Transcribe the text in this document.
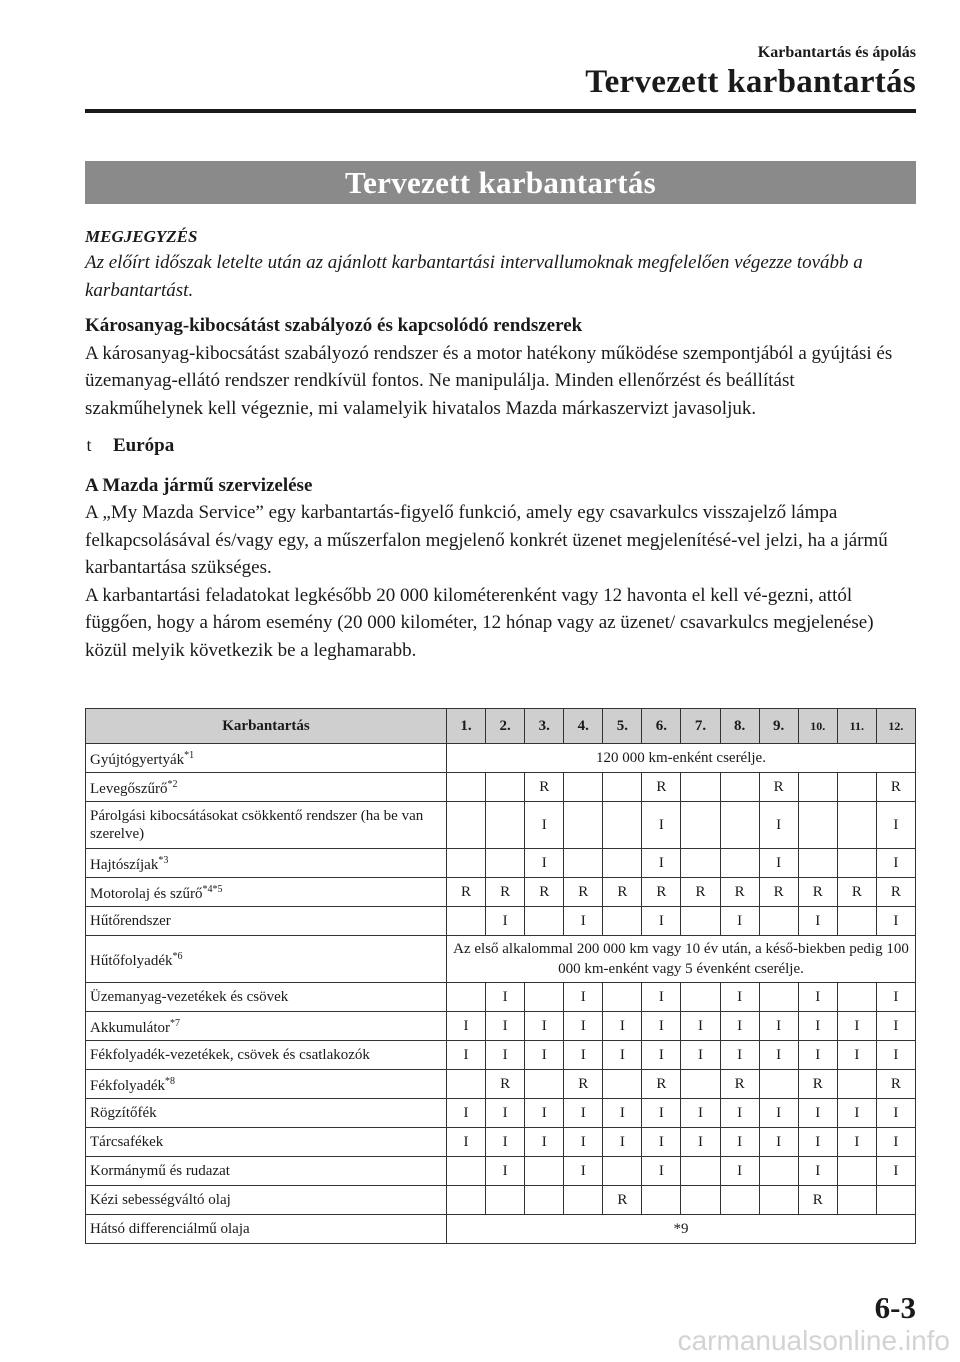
Karbantartás és ápolás
Tervezett karbantartás
Tervezett karbantartás
MEGJEGYZÉS
Az előírt időszak letelte után az ajánlott karbantartási intervallumoknak megfelelően végezze tovább a karbantartást.
Károsanyag-kibocsátást szabályozó és kapcsolódó rendszerek

A károsanyag-kibocsátást szabályozó rendszer és a motor hatékony működése szempontjából a gyújtási és üzemanyag-ellátó rendszer rendkívül fontos. Ne manipulálja. Minden ellenőrzést és beállítást szakműhelynek kell végeznie, mi valamelyik hivatalos Mazda márkaszervizt javasoljuk.

t	Európa
A Mazda jármű szervizelése

A „My Mazda Service” egy karbantartás-figyelő funkció, amely egy csavarkulcs visszajelző lámpa felkapcsolásával és/vagy egy, a műszerfalon megjelenő konkrét üzenet megjelenítésé-vel jelzi, ha a jármű karbantartása szükséges.

A karbantartási feladatokat legkésőbb 20 000 kilométerenként vagy 12 havonta el kell vé-gezni, attól függően, hogy a három esemény (20 000 kilométer, 12 hónap vagy az üzenet/ csavarkulcs megjelenése) közül melyik következik be a leghamarabb.

Karbantartás	1.	2.	3.	4.	5.	6.	7.	8.	9.	10.	11.	12.
Gyújtógyertyák$^{*1}$	120 000 km-enként cserélje.											
Levegőszűrő$^{*2}$			R			R			R			R
Párolgási kibocsátásokat csökkentő rendszer (ha be van szerelve)			I			I			I			I
Hajtószíjak$^{*3}$			I			I			I			I
Motorolaj és szűrő$^{*4*5}$	R	R	R	R	R	R	R	R	R	R	R	R
Hűtőrendszer		I		I		I		I		I		I
Hűtőfolyadék$^{*6}$	Az első alkalommal 200 000 km vagy 10 év után, a késő-biekben pedig 100 000 km-enként vagy 5 évenként cserélje.											
Üzemanyag-vezetékek és csövek		I		I		I		I		I		I
Akkumulátor$^{*7}$	I	I	I	I	I	I	I	I	I	I	I	I
Fékfolyadék-vezetékek, csövek és csatlakozók	I	I	I	I	I	I	I	I	I	I	I	I
Fékfolyadék$^{*8}$		R		R		R		R		R		R
Rögzítőfék	I	I	I	I	I	I	I	I	I	I	I	I
Tárcsafékek	I	I	I	I	I	I	I	I	I	I	I	I
Kormánymű és rudazat		I		I		I		I		I		I
Kézi sebességváltó olaj					R					R		
Hátsó differenciálmű olaja	*9											
6-3
carmanualsonline.info
